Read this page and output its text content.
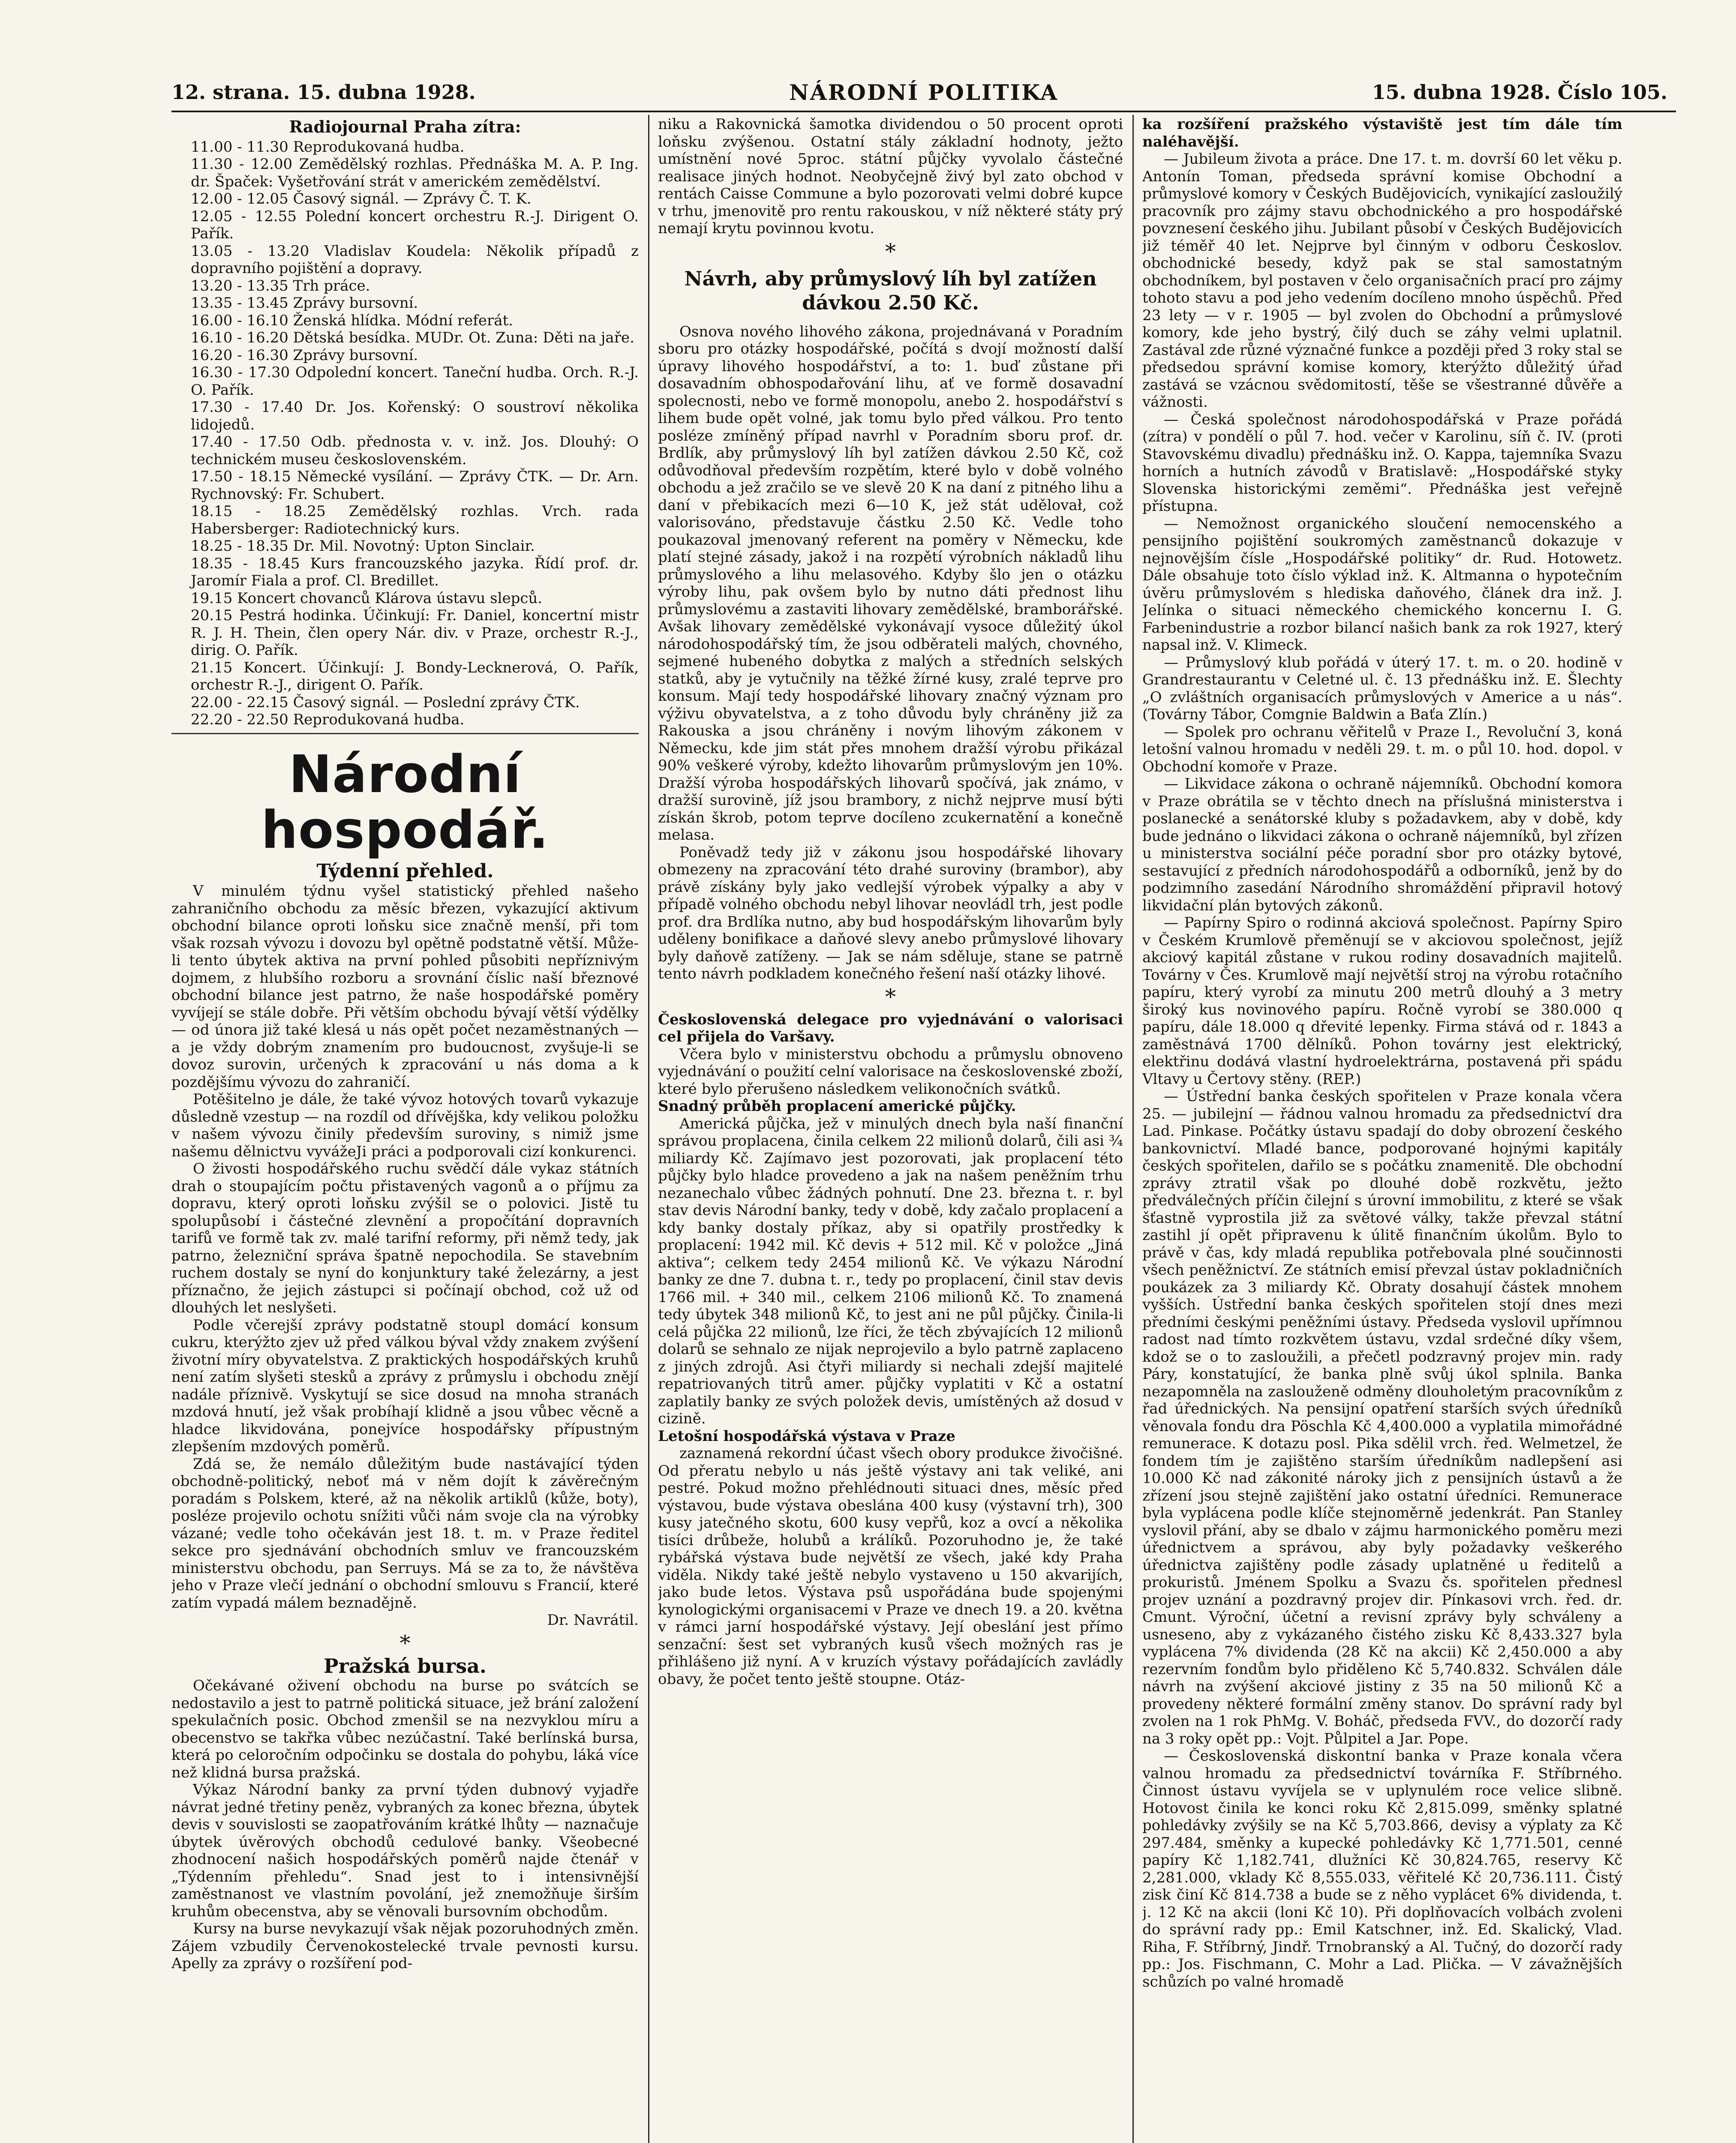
12. strana. 15. dubna 1928.	NÁRODNÍ POLITIKA	15. dubna 1928. Číslo 105.
Radiojournal Praha zítra:

11.00 - 11.30 Reprodukovaná hudba.

11.30 - 12.00 Zemědělský rozhlas. Přednáška M. A. P. Ing. dr. Špaček: Vyšetřování strát v americkém zemědělství.

12.00 - 12.05 Časový signál. — Zprávy Č. T. K.

12.05 - 12.55 Polední koncert orchestru R.-J. Dirigent O. Pařík.

13.05 - 13.20 Vladislav Koudela: Několik případů z dopravního pojištění a dopravy.

13.20 - 13.35 Trh práce.

13.35 - 13.45 Zprávy bursovní.

16.00 - 16.10 Ženská hlídka. Módní referát.

16.10 - 16.20 Dětská besídka. MUDr. Ot. Zuna: Děti na jaře.

16.20 - 16.30 Zprávy bursovní.

16.30 - 17.30 Odpolední koncert. Taneční hudba. Orch. R.-J. O. Pařík.

17.30 - 17.40 Dr. Jos. Kořenský: O soustroví několika lidojedů.

17.40 - 17.50 Odb. přednosta v. v. inž. Jos. Dlouhý: O technickém museu československém.

17.50 - 18.15 Německé vysílání. — Zprávy ČTK. — Dr. Arn. Rychnovský: Fr. Schubert.

18.15 - 18.25 Zemědělský rozhlas. Vrch. rada Habersberger: Radiotechnický kurs.

18.25 - 18.35 Dr. Mil. Novotný: Upton Sinclair.

18.35 - 18.45 Kurs francouzského jazyka. Řídí prof. dr. Jaromír Fiala a prof. Cl. Bredillet.

19.15 Koncert chovanců Klárova ústavu slepců.

20.15 Pestrá hodinka. Účinkují: Fr. Daniel, koncertní mistr R. J. H. Thein, člen opery Nár. div. v Praze, orchestr R.-J., dirig. O. Pařík.

21.15 Koncert. Účinkují: J. Bondy-Lecknerová, O. Pařík, orchestr R.-J., dirigent O. Pařík.

22.00 - 22.15 Časový signál. — Poslední zprávy ČTK.

22.20 - 22.50 Reprodukovaná hudba.

Národní hospodář.
Týdenní přehled.

V minulém týdnu vyšel statistický přehled našeho zahraničního obchodu za měsíc březen, vykazující aktivum obchodní bilance oproti loňsku sice značně menší, při tom však rozsah vývozu i dovozu byl opětně podstatně větší. Může-li tento úbytek aktiva na první pohled působiti nepříznivým dojmem, z hlubšího rozboru a srovnání číslic naší březnové obchodní bilance jest patrno, že naše hospodářské poměry vyvíjejí se stále dobře. Při větším obchodu bývají větší výdělky — od února již také klesá u nás opět počet nezaměstnaných — a je vždy dobrým znamením pro budoucnost, zvyšuje-li se dovoz surovin, určených k zpracování u nás doma a k pozdějšímu vývozu do zahraničí.

Potěšitelno je dále, že také vývoz hotových tovarů vykazuje důsledně vzestup — na rozdíl od dřívějška, kdy velikou položku v našem vývozu činily především suroviny, s nimiž jsme našemu dělnictvu vyvážeJi práci a podporovali cizí konkurenci.

O živosti hospodářského ruchu svědčí dále vykaz státních drah o stoupajícím počtu přistavených vagonů a o příjmu za dopravu, který oproti loňsku zvýšil se o polovici. Jistě tu spolupůsobí i částečné zlevnění a propočítání dopravních tarifů ve formě tak zv. malé tarifní reformy, při němž tedy, jak patrno, železniční správa špatně nepochodila. Se stavebním ruchem dostaly se nyní do konjunktury také železárny, a jest příznačno, že jejich zástupci si počínají obchod, což už od dlouhých let neslyšeti.

Podle včerejší zprávy podstatně stoupl domácí konsum cukru, kterýžto zjev už před válkou býval vždy znakem zvýšení životní míry obyvatelstva. Z praktických hospodářských kruhů není zatím slyšeti stesků a zprávy z průmyslu i obchodu znějí nadále příznivě. Vyskytují se sice dosud na mnoha stranách mzdová hnutí, jež však probíhají klidně a jsou vůbec věcně a hladce likvidována, ponejvíce hospodářsky přípustným zlepšením mzdových poměrů.

Zdá se, že nemálo důležitým bude nastávající týden obchodně-politický, neboť má v něm dojít k závěrečným poradám s Polskem, které, až na několik artiklů (kůže, boty), posléze projevilo ochotu snížiti vůči nám svoje cla na výrobky vázané; vedle toho očekáván jest 18. t. m. v Praze ředitel sekce pro sjednávání obchodních smluv ve francouzském ministerstvu obchodu, pan Serruys. Má se za to, že návštěva jeho v Praze vlečí jednání o obchodní smlouvu s Francií, které zatím vypadá málem beznadějně.

Dr. Navrátil.

*
Pražská bursa.

Očekávané oživení obchodu na burse po svátcích se nedostavilo a jest to patrně politická situace, jež brání založení spekulačních posic. Obchod zmenšil se na nezvyklou míru a obecenstvo se takřka vůbec nezúčastní. Také berlínská bursa, která po celoročním odpočinku se dostala do pohybu, láká více než klidná bursa pražská.

Výkaz Národní banky za první týden dubnový vyjadře návrat jedné třetiny peněz, vybraných za konec března, úbytek devis v souvislosti se zaopatřováním krátké lhůty — naznačuje úbytek úvěrových obchodů cedulové banky. Všeobecné zhodnocení našich hospodářských poměrů najde čtenář v „Týdenním přehledu“. Snad jest to i intensivnější zaměstnanost ve vlastním povolání, jež znemožňuje širším kruhům obecenstva, aby se věnovali bursovním obchodům.

Kursy na burse nevykazují však nějak pozoruhodných změn. Zájem vzbudily Červenokostelecké trvale pevnosti kursu. Apelly za zprávy o rozšíření pod-

niku a Rakovnická šamotka dividendou o 50 procent oproti loňsku zvýšenou. Ostatní stály základní hodnoty, ježto umístnění nové 5proc. státní půjčky vyvolalo částečné realisace jiných hodnot. Neobyčejně živý byl zato obchod v rentách Caisse Commune a bylo pozorovati velmi dobré kupce v trhu, jmenovitě pro rentu rakouskou, v níž některé státy prý nemají krytu povinnou kvotu.

*
Návrh, aby průmyslový líh byl zatížen dávkou 2.50 Kč.

Osnova nového lihového zákona, projednávaná v Poradním sboru pro otázky hospodářské, počítá s dvojí možností další úpravy lihového hospodářství, a to: 1. buď zůstane při dosavadním obhospodařování lihu, ať ve formě dosavadní spolecnosti, nebo ve formě monopolu, anebo 2. hospodářství s lihem bude opět volné, jak tomu bylo před válkou. Pro tento posléze zmíněný případ navrhl v Poradním sboru prof. dr. Brdlík, aby průmyslový líh byl zatížen dávkou 2.50 Kč, což odůvodňoval především rozpětím, které bylo v době volného obchodu a jež zračilo se ve slevě 20 K na daní z pitného lihu a daní v přebikacích mezi 6—10 K, jež stát udělovał, což valorisováno, představuje částku 2.50 Kč. Vedle toho poukazoval jmenovaný referent na poměry v Německu, kde platí stejné zásady, jakož i na rozpětí výrobních nákladů lihu průmyslového a lihu melasového. Kdyby šlo jen o otázku výroby lihu, pak ovšem bylo by nutno dáti přednost lihu průmyslovému a zastaviti lihovary zemědělské, bramborářské. Avšak lihovary zemědělské vykonávají vysoce důležitý úkol národohospodářský tím, že jsou odběrateli malých, chovného, sejmené hubeného dobytka z malých a středních selských statků, aby je vytučnily na těžké žírné kusy, zralé teprve pro konsum. Mají tedy hospodářské lihovary značný význam pro výživu obyvatelstva, a z toho důvodu byly chráněny již za Rakouska a jsou chráněny i novým lihovým zákonem v Německu, kde jim stát přes mnohem dražší výrobu přikázal 90% veškeré výroby, kdežto lihovarům průmyslovým jen 10%. Dražší výroba hospodářských lihovarů spočívá, jak známo, v dražší surovině, jíž jsou brambory, z nichž nejprve musí býti získán škrob, potom teprve docíleno zcukernatění a konečně melasa.

Poněvadž tedy již v zákonu jsou hospodářské lihovary obmezeny na zpracování této drahé suroviny (brambor), aby právě získány byly jako vedlejší výrobek výpalky a aby v případě volného obchodu nebyl lihovar neovládl trh, jest podle prof. dra Brdlíka nutno, aby bud hospodářským lihovarům byly uděleny bonifikace a daňové slevy anebo průmyslové lihovary byly daňově zatíženy. — Jak se nám sděluje, stane se patrně tento návrh podkladem konečného řešení naší otázky lihové.

*

Československá delegace pro vyjednávání o valorisaci cel přijela do Varšavy.

Včera bylo v ministerstvu obchodu a průmyslu obnoveno vyjednávání o použití celní valorisace na československé zboží, které bylo přerušeno následkem velikonočních svátků.

Snadný průběh proplacení americké půjčky.

Americká půjčka, jež v minulých dnech byla naší finanční správou proplacena, činila celkem 22 milionů dolarů, čili asi ¾ miliardy Kč. Zajímavo jest pozorovati, jak proplacení této půjčky bylo hladce provedeno a jak na našem peněžním trhu nezanechalo vůbec žádných pohnutí. Dne 23. března t. r. byl stav devis Národní banky, tedy v době, kdy začalo proplacení a kdy banky dostaly příkaz, aby si opatřily prostředky k proplacení: 1942 mil. Kč devis + 512 mil. Kč v položce „Jiná aktiva“; celkem tedy 2454 milionů Kč. Ve výkazu Národní banky ze dne 7. dubna t. r., tedy po proplacení, činil stav devis 1766 mil. + 340 mil., celkem 2106 milionů Kč. To znamená tedy úbytek 348 milionů Kč, to jest ani ne půl půjčky. Činila-li celá půjčka 22 milionů, lze říci, že těch zbývajících 12 milionů dolarů se sehnalo ze nijak neprojevilo a bylo patrně zaplaceno z jiných zdrojů. Asi čtyři miliardy si nechali zdejší majitelé repatriovaných titrů amer. půjčky vyplatiti v Kč a ostatní zaplatily banky ze svých položek devis, umístěných až dosud v cizině.

Letošní hospodářská výstava v Praze

zaznamená rekordní účast všech obory produkce živočišné. Od přeratu nebylo u nás ještě výstavy ani tak veliké, ani pestré. Pokud možno přehlédnouti situaci dnes, měsíc před výstavou, bude výstava obeslána 400 kusy (výstavní trh), 300 kusy jatečného skotu, 600 kusy vepřů, koz a ovcí a několika tisíci drůbeže, holubů a králíků. Pozoruhodno je, že také rybářská výstava bude největší ze všech, jaké kdy Praha viděla. Nikdy také ještě nebylo vystaveno u 150 akvarijích, jako bude letos. Výstava psů uspořádána bude spojenými kynologickými organisacemi v Praze ve dnech 19. a 20. května v rámci jarní hospodářské výstavy. Její obeslání jest přímo senzační: šest set vybraných kusů všech možných ras je přihlášeno již nyní. A v kruzích výstavy pořádajících zavládly obavy, že počet tento ještě stoupne. Otáz-

ka rozšíření pražského výstaviště jest tím dále tím naléhavější.

— Jubileum života a práce. Dne 17. t. m. dovrší 60 let věku p. Antonín Toman, předseda správní komise Obchodní a průmyslové komory v Českých Budějovicích, vynikající zasloužilý pracovník pro zájmy stavu obchodnického a pro hospodářské povznesení českého jihu. Jubilant působí v Českých Budějovicích již téměř 40 let. Nejprve byl činným v odboru Českoslov. obchodnické besedy, když pak se stal samostatným obchodníkem, byl postaven v čelo organisačních prací pro zájmy tohoto stavu a pod jeho vedením docíleno mnoho úspěchů. Před 23 lety — v r. 1905 — byl zvolen do Obchodní a průmyslové komory, kde jeho bystrý, čilý duch se záhy velmi uplatnil. Zastával zde různé význačné funkce a později před 3 roky stal se předsedou správní komise komory, kterýžto důležitý úřad zastává se vzácnou svědomitostí, těše se všestranné důvěře a vážnosti.

— Česká společnost národohospodářská v Praze pořádá (zítra) v pondělí o půl 7. hod. večer v Karolinu, síň č. IV. (proti Stavovskému divadlu) přednášku inž. O. Kappa, tajemníka Svazu horních a hutních závodů v Bratislavě: „Hospodářské styky Slovenska historickými zeměmi“. Přednáška jest veřejně přístupna.

— Nemožnost organického sloučení nemocenského a pensijního pojištění soukromých zaměstnanců dokazuje v nejnovějším čísle „Hospodářské politiky“ dr. Rud. Hotowetz. Dále obsahuje toto číslo výklad inž. K. Altmanna o hypotečním úvěru průmyslovém s hlediska daňového, článek dra inž. J. Jelínka o situaci německého chemického koncernu I. G. Farbenindustrie a rozbor bilancí našich bank za rok 1927, který napsal inž. V. Klimeck.

— Průmyslový klub pořádá v úterý 17. t. m. o 20. hodině v Grandrestaurantu v Celetné ul. č. 13 přednášku inž. E. Šlechty „O zvláštních organisacích průmyslových v Americe a u nás“. (Továrny Tábor, Comgnie Baldwin a Baťa Zlín.)

— Spolek pro ochranu věřitelů v Praze I., Revoluční 3, koná letošní valnou hromadu v neděli 29. t. m. o půl 10. hod. dopol. v Obchodní komoře v Praze.

— Likvidace zákona o ochraně nájemníků. Obchodní komora v Praze obrátila se v těchto dnech na příslušná ministerstva i poslanecké a senátorské kluby s požadavkem, aby v době, kdy bude jednáno o likvidaci zákona o ochraně nájemníků, byl zřízen u ministerstva sociální péče poradní sbor pro otázky bytové, sestavující z předních národohospodářů a odborníků, jenž by do podzimního zasedání Národního shromáždění připravil hotový likvidační plán bytových zákonů.

— Papírny Spiro o rodinná akciová společnost. Papírny Spiro v Českém Krumlově přeměnují se v akciovou společnost, jejíž akciový kapitál zůstane v rukou rodiny dosavadních majitelů. Továrny v Čes. Krumlově mají největší stroj na výrobu rotačního papíru, který vyrobí za minutu 200 metrů dlouhý a 3 metry široký kus novinového papíru. Ročně vyrobí se 380.000 q papíru, dále 18.000 q dřevité lepenky. Firma stává od r. 1843 a zaměstnává 1700 dělníků. Pohon továrny jest elektrický, elektřinu dodává vlastní hydroelektrárna, postavená při spádu Vltavy u Čertovy stěny. (REP.)

— Ústřední banka českých spořitelen v Praze konala včera 25. — jubilejní — řádnou valnou hromadu za předsednictví dra Lad. Pinkase. Počátky ústavu spadají do doby obrození českého bankovnictví. Mladé bance, podporované hojnými kapitály českých spořitelen, dařilo se s počátku znamenitě. Dle obchodní zprávy ztratil však po dlouhé době rozkvětu, ježto předválečných příčin čilejní s úrovní immobilitu, z které se však šťastně vyprostila již za světové války, takže převzal státní zastihl jí opět připravenu k úlitě finančním úkolům. Bylo to právě v čas, kdy mladá republika potřebovala plné součinnosti všech peněžnictví. Ze státních emisí převzal ústav pokladničních poukázek za 3 miliardy Kč. Obraty dosahují částek mnohem vyšších. Ústřední banka českých spořitelen stojí dnes mezi předními českými peněžními ústavy. Předseda vyslovil upřímnou radost nad tímto rozkvětem ústavu, vzdal srdečné díky všem, kdož se o to zasloužili, a přečetl podzravný projev min. rady Páry, konstatující, že banka plně svůj úkol splnila. Banka nezapomněla na zaslouženě odměny dlouholetým pracovníkům z řad úřednických. Na pensijní opatření starších svých úředníků věnovala fondu dra Pöschla Kč 4,400.000 a vyplatila mimořádné remunerace. K dotazu posl. Pika sdělil vrch. řed. Welmetzel, že fondem tím je zajištěno starším úředníkům nadlepšení asi 10.000 Kč nad zákonité nároky jich z pensijních ústavů a že zřízení jsou stejně zajištění jako ostatní úředníci. Remunerace byla vyplácena podle klíče stejnoměrně jedenkrát. Pan Stanley vyslovil přání, aby se dbalo v zájmu harmonického poměru mezi úřednictvem a správou, aby byly požadavky veškerého úřednictva zajištěny podle zásady uplatněné u ředitelů a prokuristů. Jménem Spolku a Svazu čs. spořitelen přednesl projev uznání a pozdravný projev dir. Pínkasovi vrch. řed. dr. Cmunt. Výroční, účetní a revisní zprávy byly schváleny a usneseno, aby z vykázaného čistého zisku Kč 8,433.327 byla vyplácena 7% dividenda (28 Kč na akcii) Kč 2,450.000 a aby rezervním fondům bylo přiděleno Kč 5,740.832. Schválen dále návrh na zvýšení akciové jistiny z 35 na 50 milionů Kč a provedeny některé formální změny stanov. Do správní rady byl zvolen na 1 rok PhMg. V. Boháč, předseda FVV., do dozorčí rady na 3 roky opět pp.: Vojt. Půlpitel a Jar. Pope.

— Československá diskontní banka v Praze konala včera valnou hromadu za předsednictví továrníka F. Stříbrného. Činnost ústavu vyvíjela se v uplynulém roce velice slibně. Hotovost činila ke konci roku Kč 2,815.099, směnky splatné pohledávky zvýšily se na Kč 5,703.866, devisy a výplaty za Kč 297.484, směnky a kupecké pohledávky Kč 1,771.501, cenné papíry Kč 1,182.741, dlužníci Kč 30,824.765, reservy Kč 2,281.000, vklady Kč 8,555.033, věřitelé Kč 20,736.111. Čistý zisk činí Kč 814.738 a bude se z něho vyplácet 6% dividenda, t. j. 12 Kč na akcii (loni Kč 10). Při doplňovacích volbách zvoleni do správní rady pp.: Emil Katschner, inž. Ed. Skalický, Vlad. Riha, F. Stříbrný, Jindř. Trnobranský a Al. Tučný, do dozorčí rady pp.: Jos. Fischmann, C. Mohr a Lad. Plička. — V závažnějších schůzích po valné hromadě
